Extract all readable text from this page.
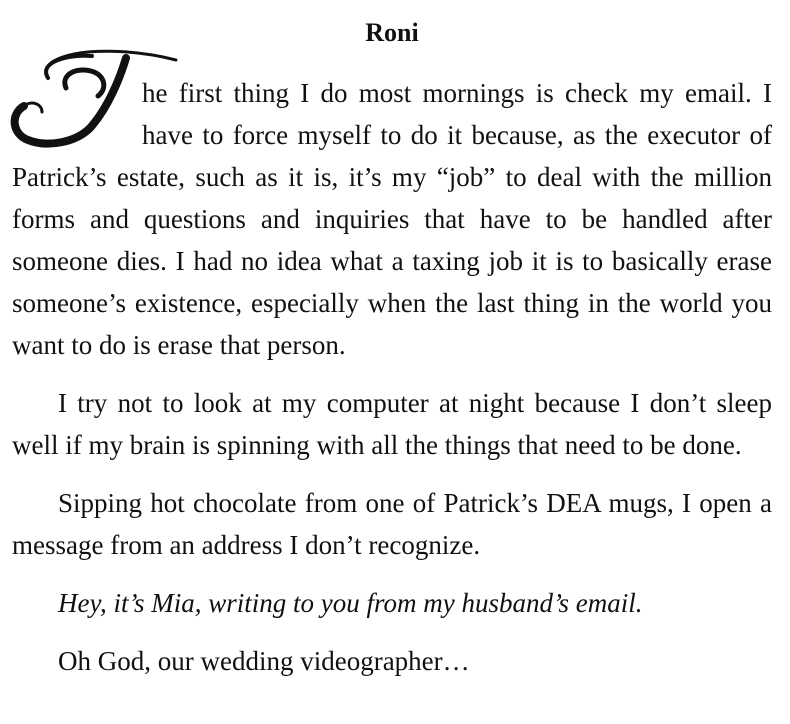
Roni

he first thing I do most mornings is check my email. I have to force myself to do it because, as the executor of Patrick’s estate, such as it is, it’s my “job” to deal with the million forms and questions and inquiries that have to be handled after someone dies. I had no idea what a taxing job it is to basically erase someone’s existence, especially when the last thing in the world you want to do is erase that person.

I try not to look at my computer at night because I don’t sleep well if my brain is spinning with all the things that need to be done.

Sipping hot chocolate from one of Patrick’s DEA mugs, I open a message from an address I don’t recognize.

Hey, it’s Mia, writing to you from my husband’s email.

Oh God, our wedding videographer…
